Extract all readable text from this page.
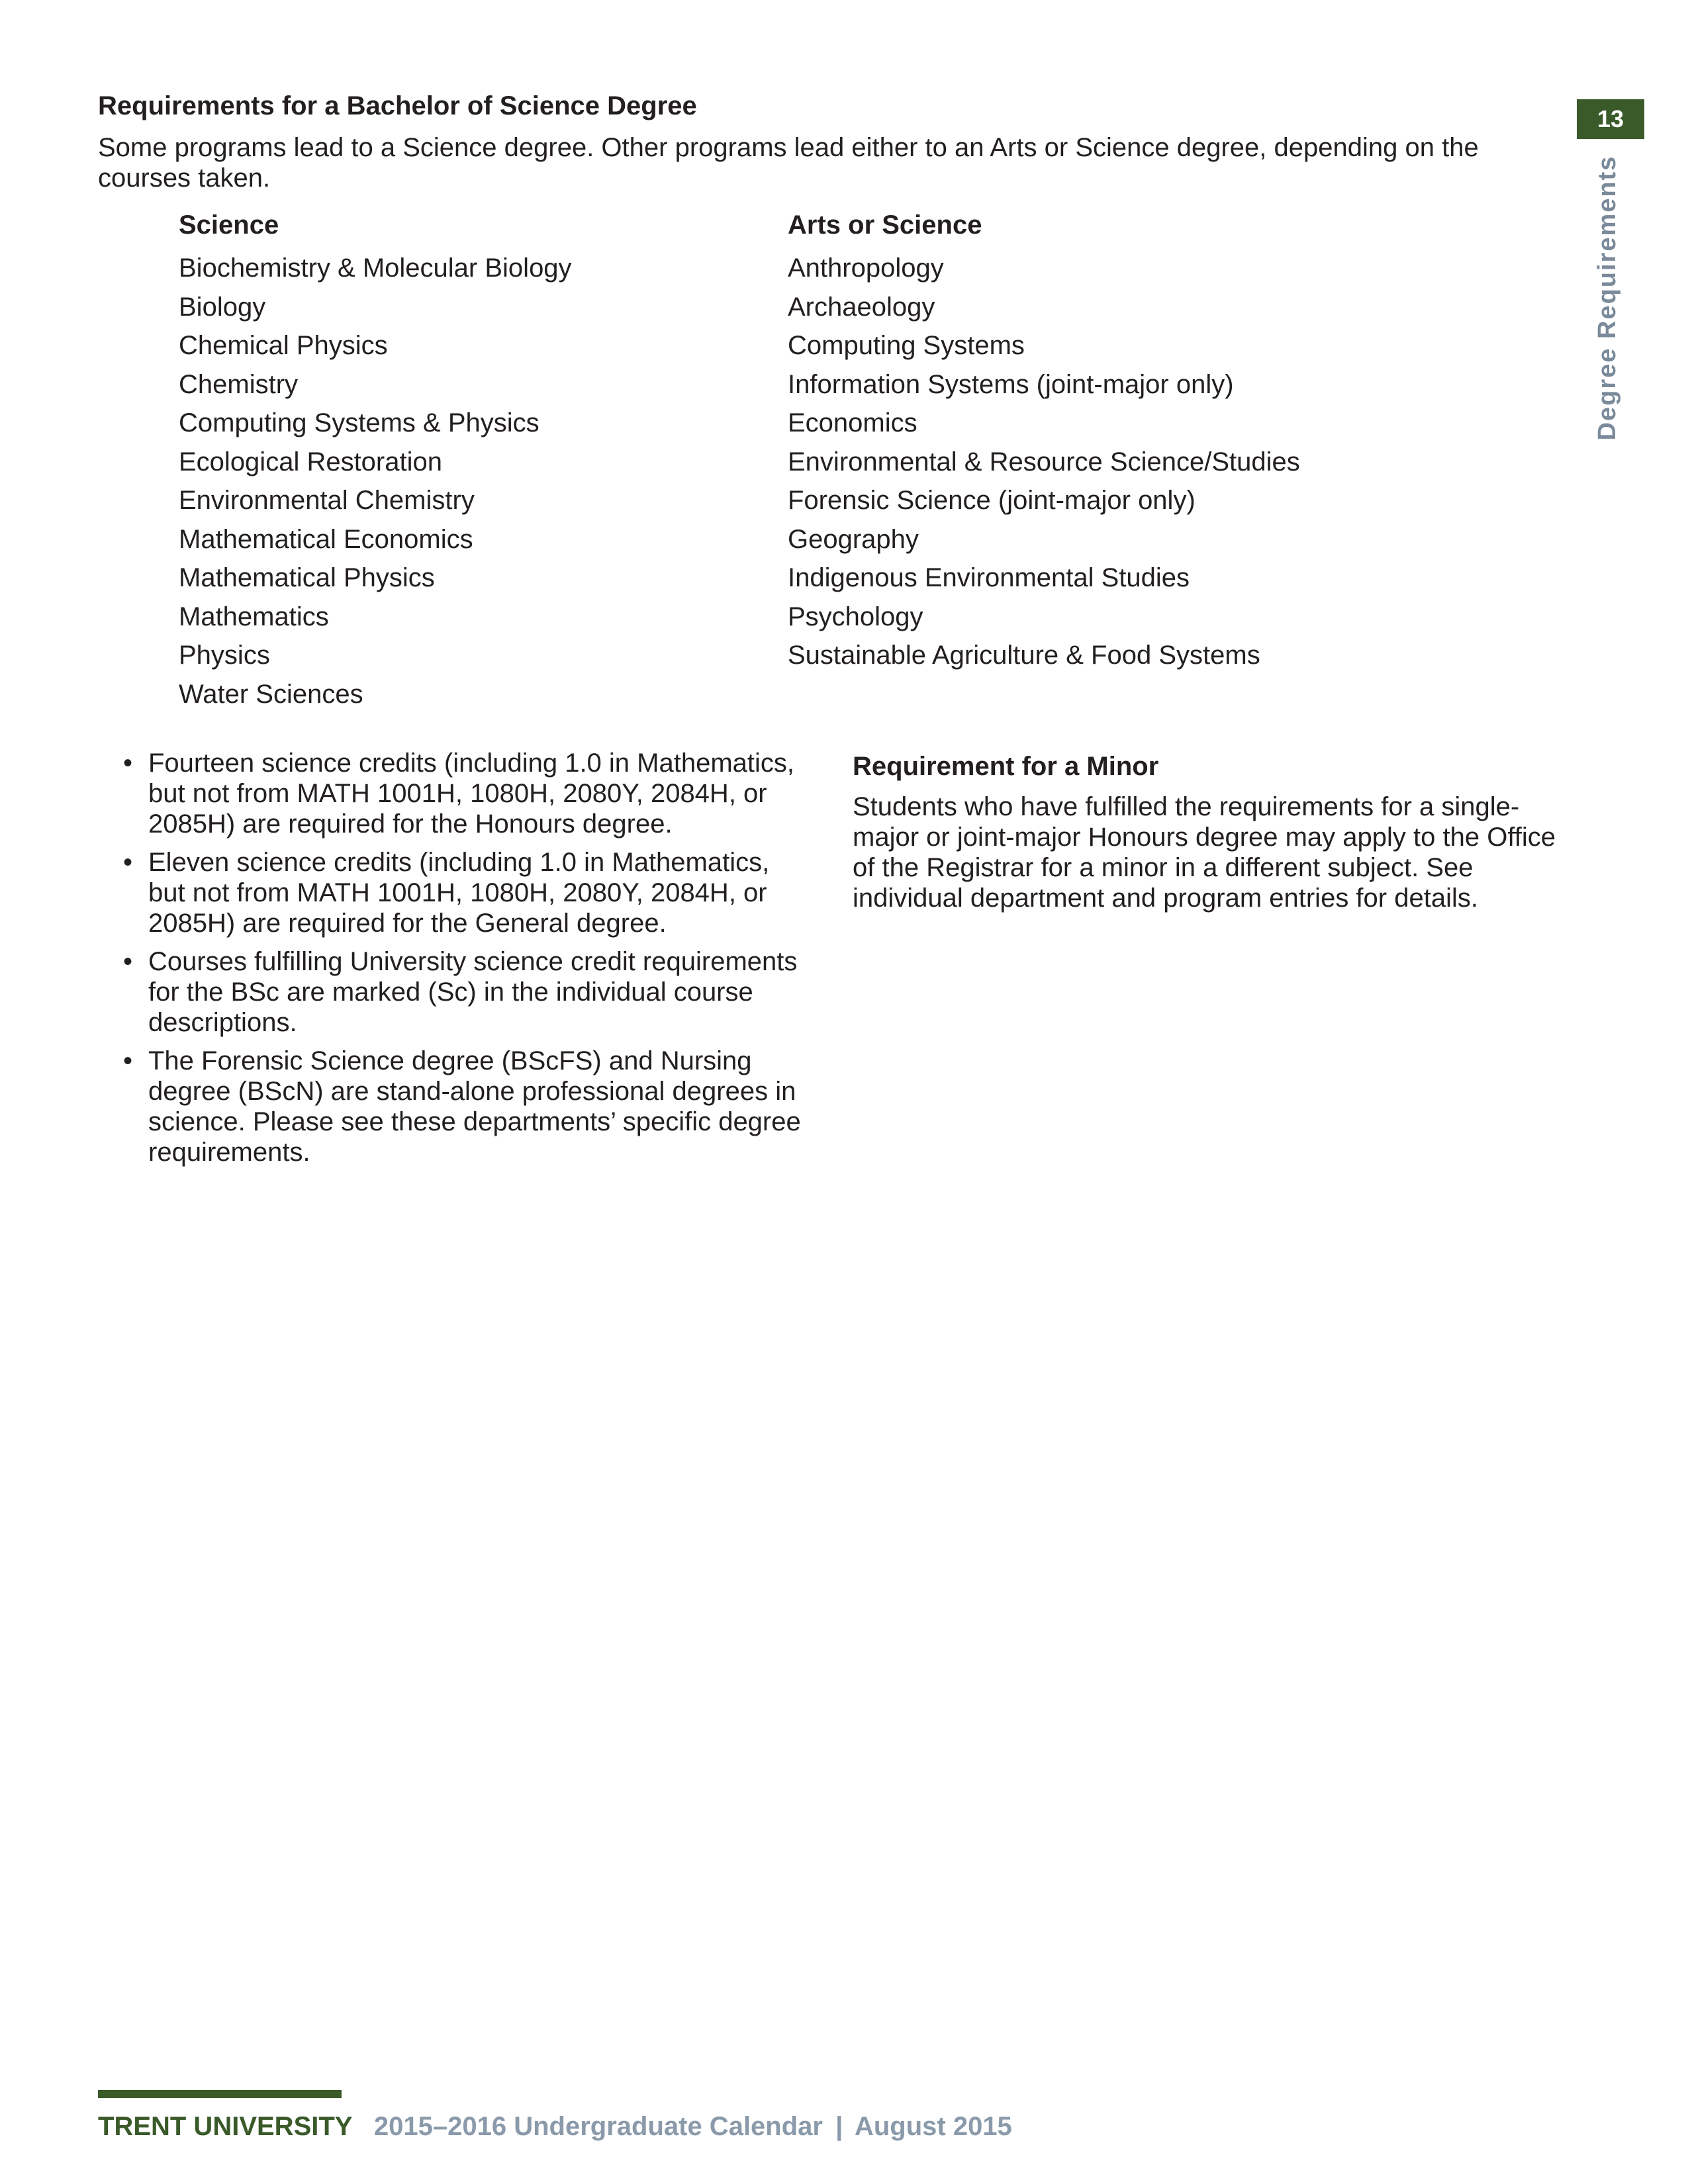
Requirements for a Bachelor of Science Degree
Some programs lead to a Science degree. Other programs lead either to an Arts or Science degree, depending on the courses taken.
Science	Arts or Science
Biochemistry & Molecular Biology
Biology
Chemical Physics
Chemistry
Computing Systems & Physics
Ecological Restoration
Environmental Chemistry
Mathematical Economics
Mathematical Physics
Mathematics
Physics
Water Sciences
Anthropology
Archaeology
Computing Systems
Information Systems (joint-major only)
Economics
Environmental & Resource Science/Studies
Forensic Science (joint-major only)
Geography
Indigenous Environmental Studies
Psychology
Sustainable Agriculture & Food Systems
• Fourteen science credits (including 1.0 in Mathematics, but not from MATH 1001H, 1080H, 2080Y, 2084H, or 2085H) are required for the Honours degree.
• Eleven science credits (including 1.0 in Mathematics, but not from MATH 1001H, 1080H, 2080Y, 2084H, or 2085H) are required for the General degree.
• Courses fulfilling University science credit requirements for the BSc are marked (Sc) in the individual course descriptions.
• The Forensic Science degree (BScFS) and Nursing degree (BScN) are stand-alone professional degrees in science. Please see these departments’ specific degree requirements.
Requirement for a Minor
Students who have fulfilled the requirements for a single-major or joint-major Honours degree may apply to the Office of the Registrar for a minor in a different subject. See individual department and program entries for details.
13
Degree Requirements
TRENT UNIVERSITY 2015–2016 Undergraduate Calendar | August 2015
